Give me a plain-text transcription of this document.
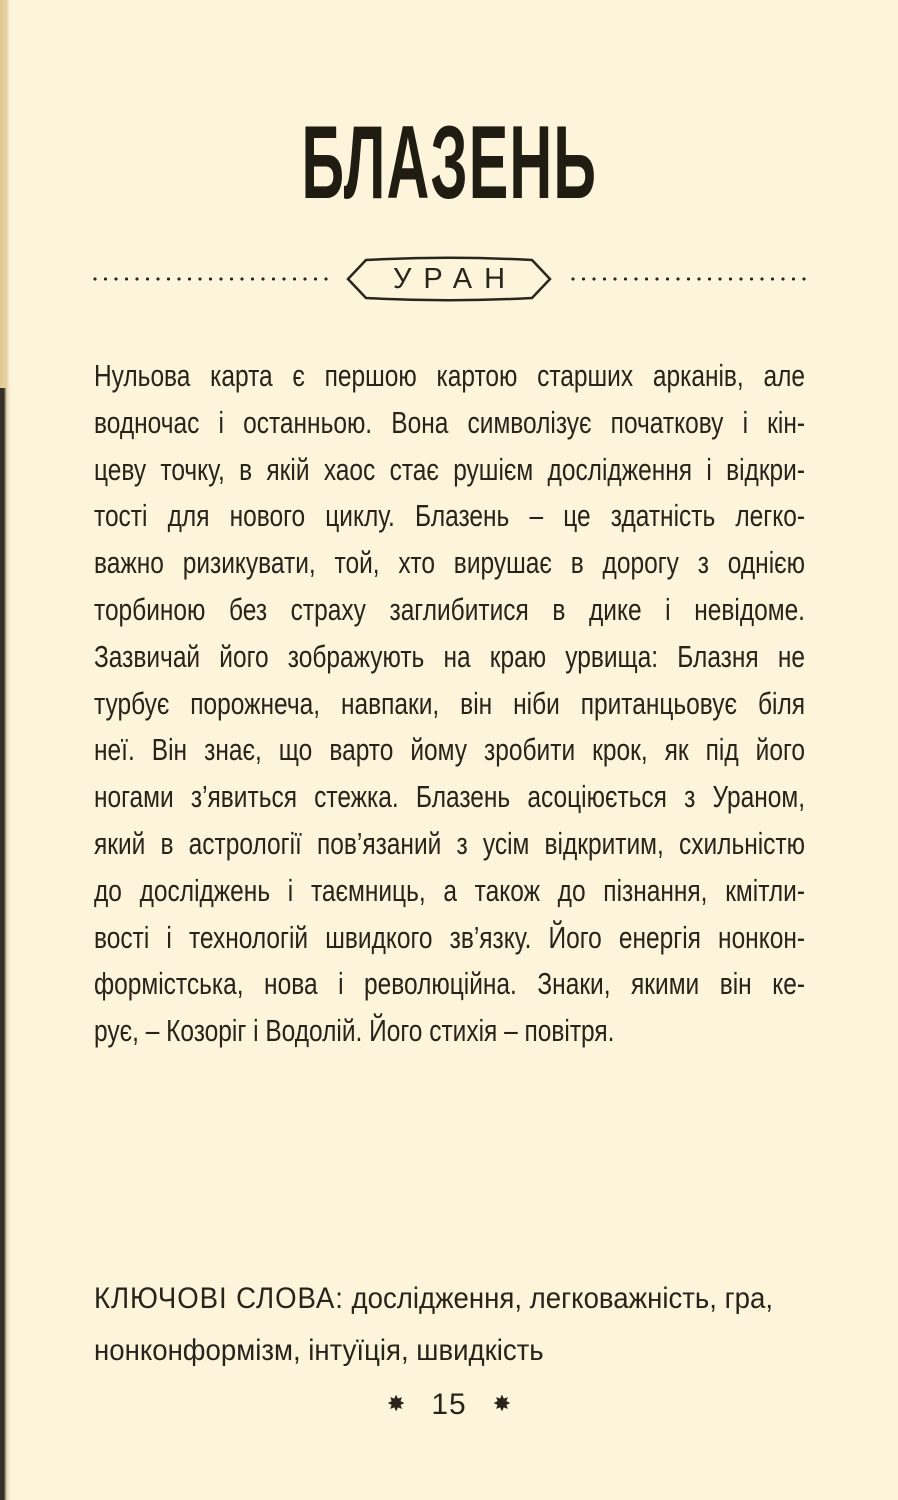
БЛАЗЕНЬ
УРАН
Нульова карта є першою картою старших арканів, але
водночас і останньою. Вона символізує початкову і кін-
цеву точку, в якій хаос стає рушієм дослідження і відкри-
тості для нового циклу. Блазень – це здатність легко-
важно ризикувати, той, хто вирушає в дорогу з однією
торбиною без страху заглибитися в дике і невідоме.
Зазвичай його зображують на краю урвища: Блазня не
турбує порожнеча, навпаки, він ніби пританцьовує біля
неї. Він знає, що варто йому зробити крок, як під його
ногами з’явиться стежка. Блазень асоціюється з Ураном,
який в астрології пов’язаний з усім відкритим, схильністю
до досліджень і таємниць, а також до пізнання, кмітли-
вості і технологій швидкого зв’язку. Його енергія нонкон-
формістська, нова і революційна. Знаки, якими він ке-
рує, – Козоріг і Водолій. Його стихія – повітря.
КЛЮЧОВІ СЛОВА: дослідження, легковажність, гра,
нонконформізм, інтуїція, швидкість
✸ 15 ✸
